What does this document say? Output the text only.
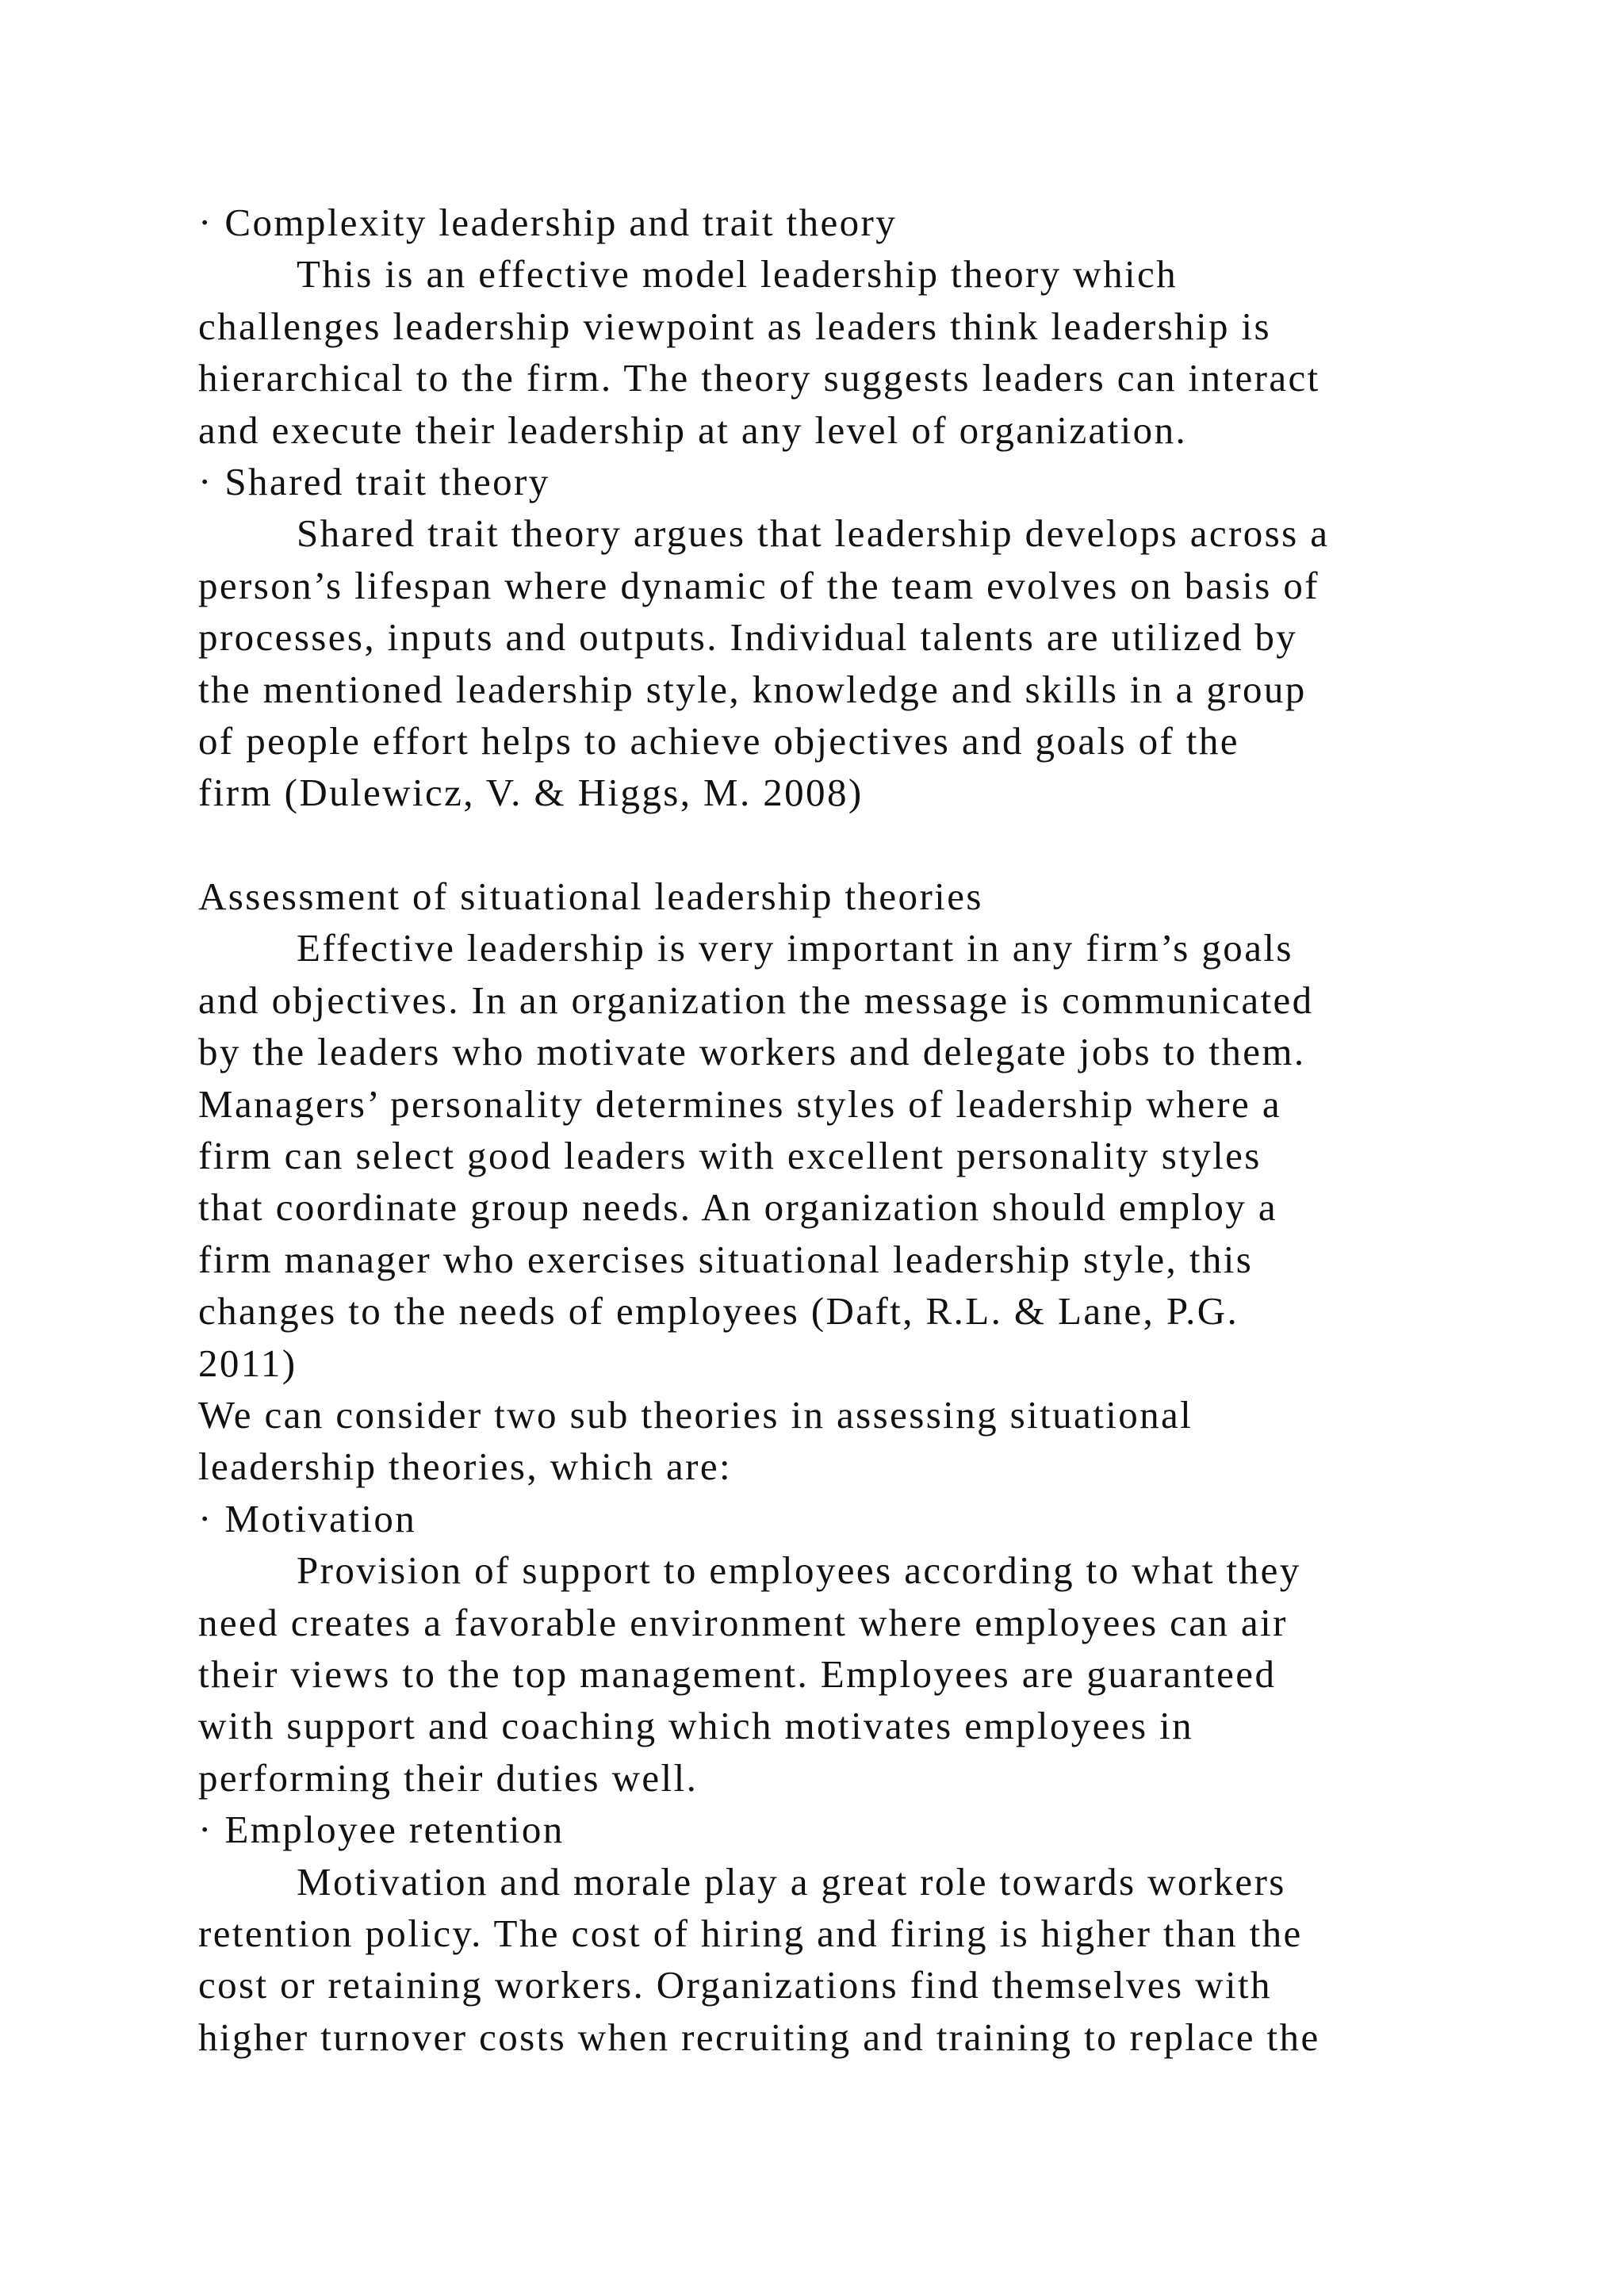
· Complexity leadership and trait theory
This is an effective model leadership theory which
challenges leadership viewpoint as leaders think leadership is
hierarchical to the firm. The theory suggests leaders can interact
and execute their leadership at any level of organization.
· Shared trait theory
Shared trait theory argues that leadership develops across a
person’s lifespan where dynamic of the team evolves on basis of
processes, inputs and outputs. Individual talents are utilized by
the mentioned leadership style, knowledge and skills in a group
of people effort helps to achieve objectives and goals of the
firm (Dulewicz, V. & Higgs, M. 2008)
Assessment of situational leadership theories
Effective leadership is very important in any firm’s goals
and objectives. In an organization the message is communicated
by the leaders who motivate workers and delegate jobs to them.
Managers’ personality determines styles of leadership where a
firm can select good leaders with excellent personality styles
that coordinate group needs. An organization should employ a
firm manager who exercises situational leadership style, this
changes to the needs of employees (Daft, R.L. & Lane, P.G.
2011)
We can consider two sub theories in assessing situational
leadership theories, which are:
· Motivation
Provision of support to employees according to what they
need creates a favorable environment where employees can air
their views to the top management. Employees are guaranteed
with support and coaching which motivates employees in
performing their duties well.
· Employee retention
Motivation and morale play a great role towards workers
retention policy. The cost of hiring and firing is higher than the
cost or retaining workers. Organizations find themselves with
higher turnover costs when recruiting and training to replace the
